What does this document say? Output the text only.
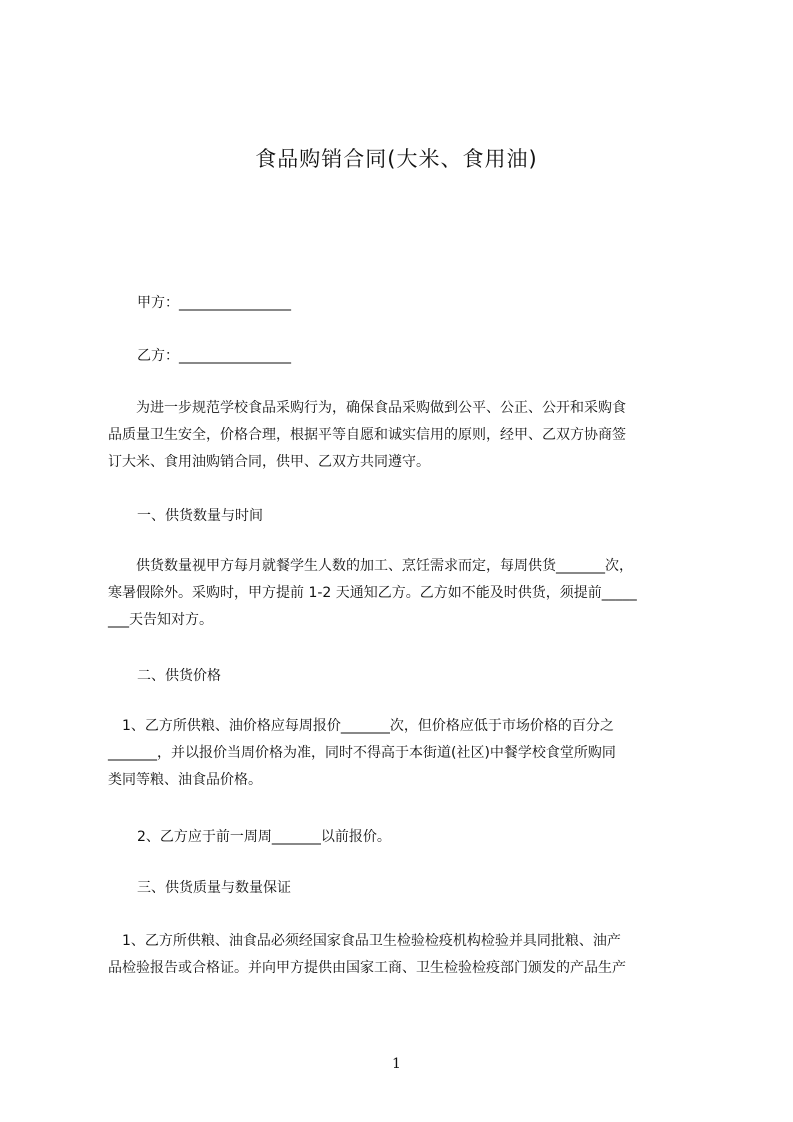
食品购销合同(大米、食用油)
甲方：________________
乙方：________________
　　为进一步规范学校食品采购行为，确保食品采购做到公平、公正、公开和采购食
品质量卫生安全，价格合理，根据平等自愿和诚实信用的原则，经甲、乙双方协商签
订大米、食用油购销合同，供甲、乙双方共同遵守。
一、供货数量与时间
　　供货数量视甲方每月就餐学生人数的加工、烹饪需求而定，每周供货_______次，
寒暑假除外。采购时，甲方提前 1-2 天通知乙方。乙方如不能及时供货，须提前_____
___天告知对方。
二、供货价格
　1、乙方所供粮、油价格应每周报价_______次，但价格应低于市场价格的百分之
_______，并以报价当周价格为准，同时不得高于本街道(社区)中餐学校食堂所购同
类同等粮、油食品价格。
2、乙方应于前一周周_______以前报价。
三、供货质量与数量保证
　1、乙方所供粮、油食品必须经国家食品卫生检验检疫机构检验并具同批粮、油产
品检验报告或合格证。并向甲方提供由国家工商、卫生检验检疫部门颁发的产品生产
1
